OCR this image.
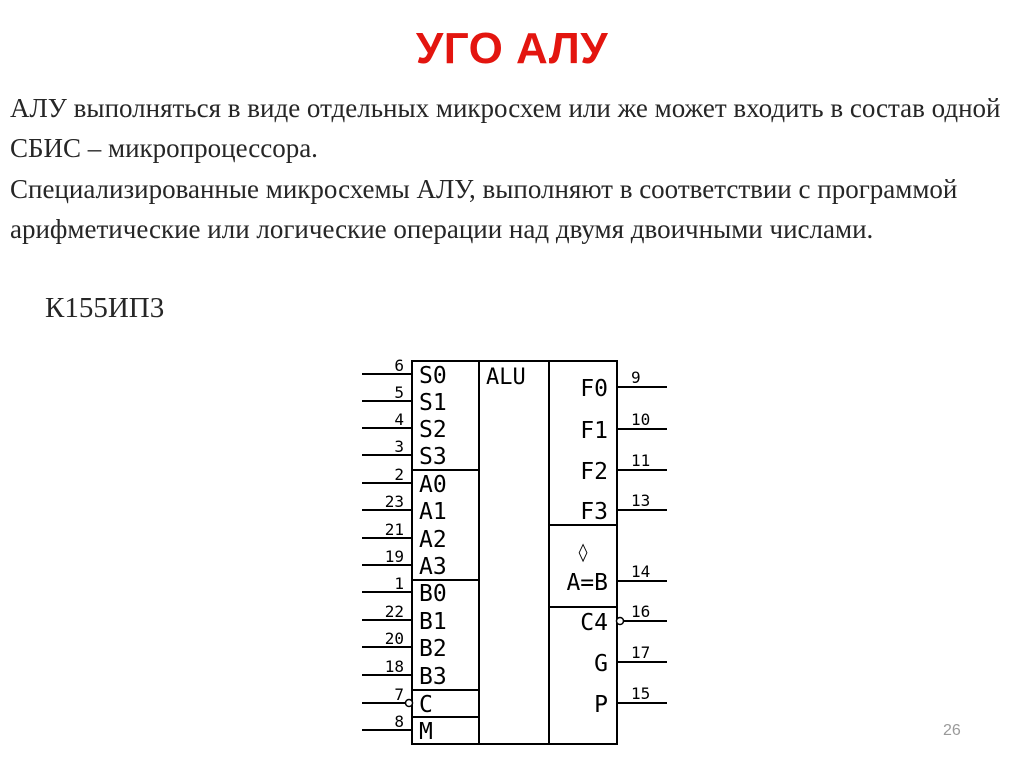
УГО АЛУ
АЛУ выполняться в виде отдельных микросхем или же может входить в состав одной СБИС – микропроцессора.
Специализированные микросхемы АЛУ, выполняют в соответствии с программой арифметические или логические операции над двумя двоичными числами.
К155ИП3
ALU
6 S0
5 S1
4 S2
3 S3
2 A0
23 A1
21 A2
19 A3
1 B0
22 B1
20 B2
18 B3
7 C
8 M
9
F0
10
F1
11
F2
13
F3
14
A=B
◊
16
C4
17
G
15
P
26
